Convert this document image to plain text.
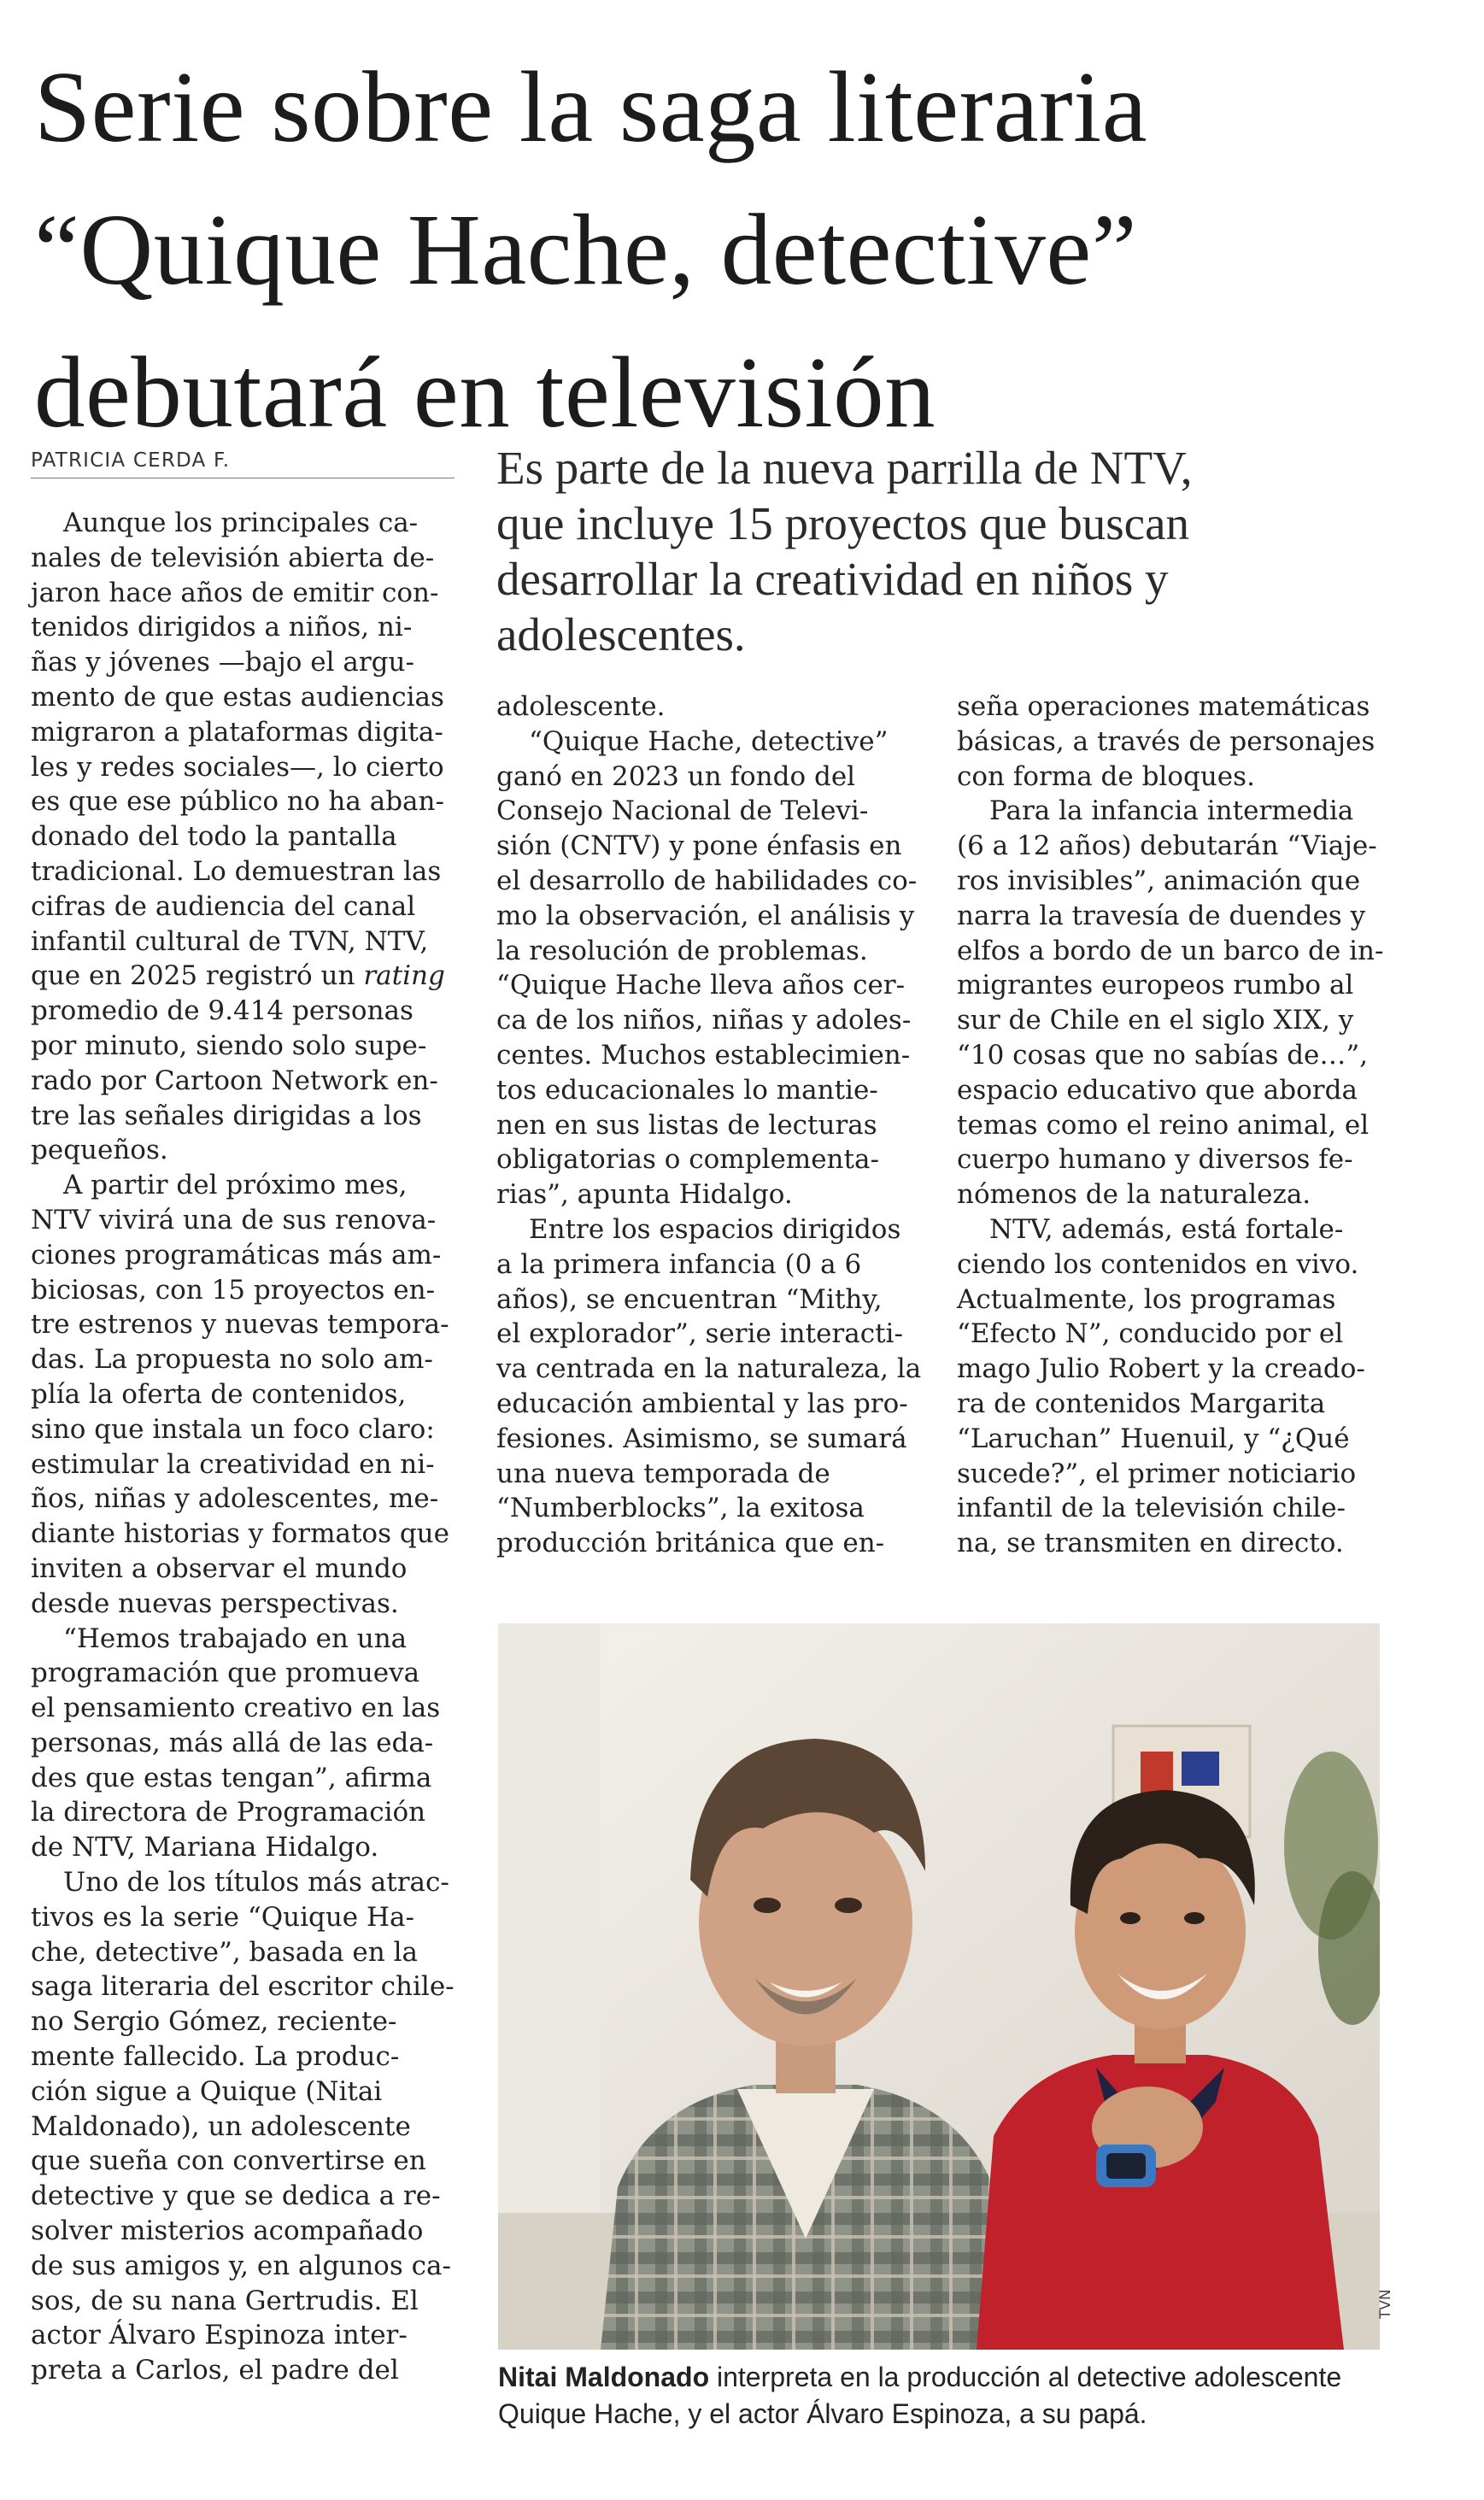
Serie sobre la saga literaria
“Quique Hache, detective”
debutará en televisión
PATRICIA CERDA F.	Es parte de la nueva parrilla de NTV,
que incluye 15 proyectos que buscan
desarrollar la creatividad en niños y
adolescentes.

Aunque los principales ca-
nales de televisión abierta de-
jaron hace años de emitir con-
tenidos dirigidos a niños, ni-
ñas y jóvenes —bajo el argu-
mento de que estas audiencias
migraron a plataformas digita-
les y redes sociales—, lo cierto
es que ese público no ha aban-
donado del todo la pantalla
tradicional. Lo demuestran las
cifras de audiencia del canal
infantil cultural de TVN, NTV,
que en 2025 registró un rating
promedio de 9.414 personas
por minuto, siendo solo supe-
rado por Cartoon Network en-
tre las señales dirigidas a los
pequeños.
A partir del próximo mes,
NTV vivirá una de sus renova-
ciones programáticas más am-
biciosas, con 15 proyectos en-
tre estrenos y nuevas tempora-
das. La propuesta no solo am-
plía la oferta de contenidos,
sino que instala un foco claro:
estimular la creatividad en ni-
ños, niñas y adolescentes, me-
diante historias y formatos que
inviten a observar el mundo
desde nuevas perspectivas.
“Hemos trabajado en una
programación que promueva
el pensamiento creativo en las
personas, más allá de las eda-
des que estas tengan”, afirma
la directora de Programación
de NTV, Mariana Hidalgo.
Uno de los títulos más atrac-
tivos es la serie “Quique Ha-
che, detective”, basada en la
saga literaria del escritor chile-
no Sergio Gómez, reciente-
mente fallecido. La produc-
ción sigue a Quique (Nitai
Maldonado), un adolescente
que sueña con convertirse en
detective y que se dedica a re-
solver misterios acompañado
de sus amigos y, en algunos ca-
sos, de su nana Gertrudis. El
actor Álvaro Espinoza inter-
preta a Carlos, el padre del
adolescente.
“Quique Hache, detective”
ganó en 2023 un fondo del
Consejo Nacional de Televi-
sión (CNTV) y pone énfasis en
el desarrollo de habilidades co-
mo la observación, el análisis y
la resolución de problemas.
“Quique Hache lleva años cer-
ca de los niños, niñas y adoles-
centes. Muchos establecimien-
tos educacionales lo mantie-
nen en sus listas de lecturas
obligatorias o complementa-
rias”, apunta Hidalgo.
Entre los espacios dirigidos
a la primera infancia (0 a 6
años), se encuentran “Mithy,
el explorador”, serie interacti-
va centrada en la naturaleza, la
educación ambiental y las pro-
fesiones. Asimismo, se sumará
una nueva temporada de
“Numberblocks”, la exitosa
producción británica que en-
seña operaciones matemáticas
básicas, a través de personajes
con forma de bloques.
Para la infancia intermedia
(6 a 12 años) debutarán “Viaje-
ros invisibles”, animación que
narra la travesía de duendes y
elfos a bordo de un barco de in-
migrantes europeos rumbo al
sur de Chile en el siglo XIX, y
“10 cosas que no sabías de…”,
espacio educativo que aborda
temas como el reino animal, el
cuerpo humano y diversos fe-
nómenos de la naturaleza.
NTV, además, está fortale-
ciendo los contenidos en vivo.
Actualmente, los programas
“Efecto N”, conducido por el
mago Julio Robert y la creado-
ra de contenidos Margarita
“Laruchan” Huenuil, y “¿Qué
sucede?”, el primer noticiario
infantil de la televisión chile-
na, se transmiten en directo.
TVN

Nitai Maldonado interpreta en la producción al detective adolescente
Quique Hache, y el actor Álvaro Espinoza, a su papá.
